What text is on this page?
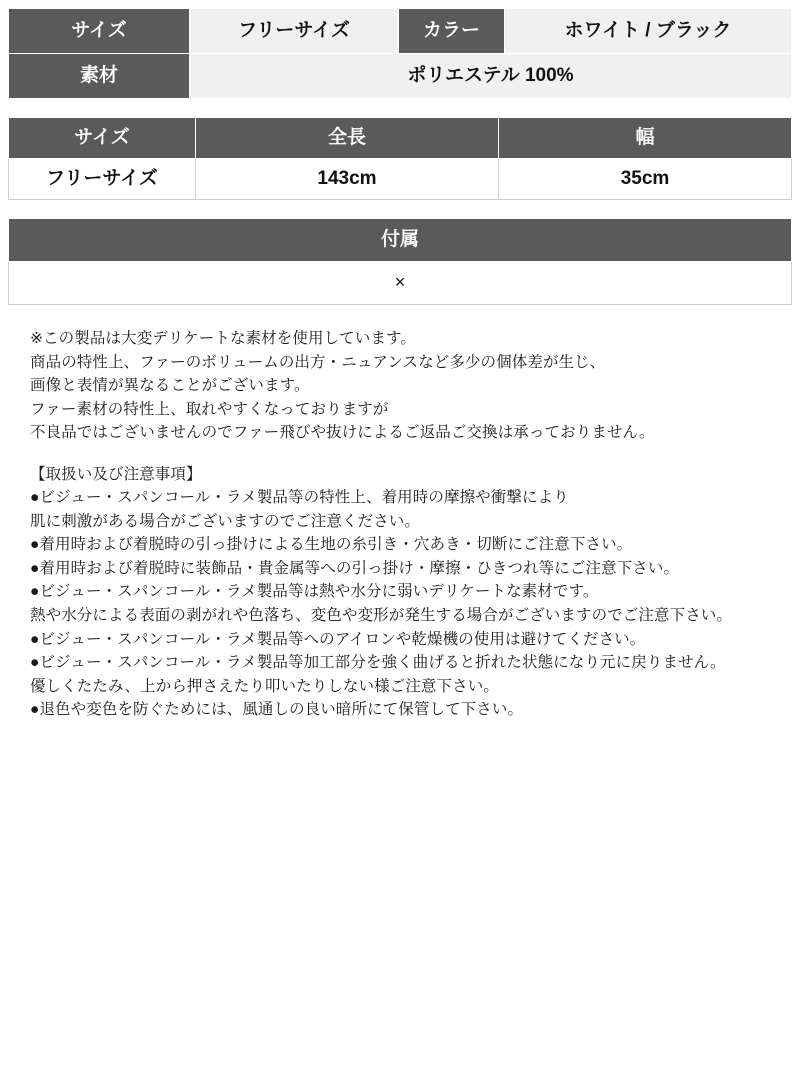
サイズ	フリーサイズ	カラー	ホワイト / ブラック
素材	ポリエステル 100%		
サイズ	全長	幅
フリーサイズ	143cm	35cm
付属
×

※この製品は大変デリケートな素材を使用しています。

商品の特性上、ファーのボリュームの出方・ニュアンスなど多少の個体差が生じ、

画像と表情が異なることがございます。

ファー素材の特性上、取れやすくなっておりますが

不良品ではございませんのでファー飛びや抜けによるご返品ご交換は承っておりません。

【取扱い及び注意事項】

●ビジュー・スパンコール・ラメ製品等の特性上、着用時の摩擦や衝撃により

肌に刺激がある場合がございますのでご注意ください。

●着用時および着脱時の引っ掛けによる生地の糸引き・穴あき・切断にご注意下さい。

●着用時および着脱時に装飾品・貴金属等への引っ掛け・摩擦・ひきつれ等にご注意下さい。

●ビジュー・スパンコール・ラメ製品等は熱や水分に弱いデリケートな素材です。

熱や水分による表面の剥がれや色落ち、変色や変形が発生する場合がございますのでご注意下さい。

●ビジュー・スパンコール・ラメ製品等へのアイロンや乾燥機の使用は避けてください。

●ビジュー・スパンコール・ラメ製品等加工部分を強く曲げると折れた状態になり元に戻りません。

優しくたたみ、上から押さえたり叩いたりしない様ご注意下さい。

●退色や変色を防ぐためには、風通しの良い暗所にて保管して下さい。
